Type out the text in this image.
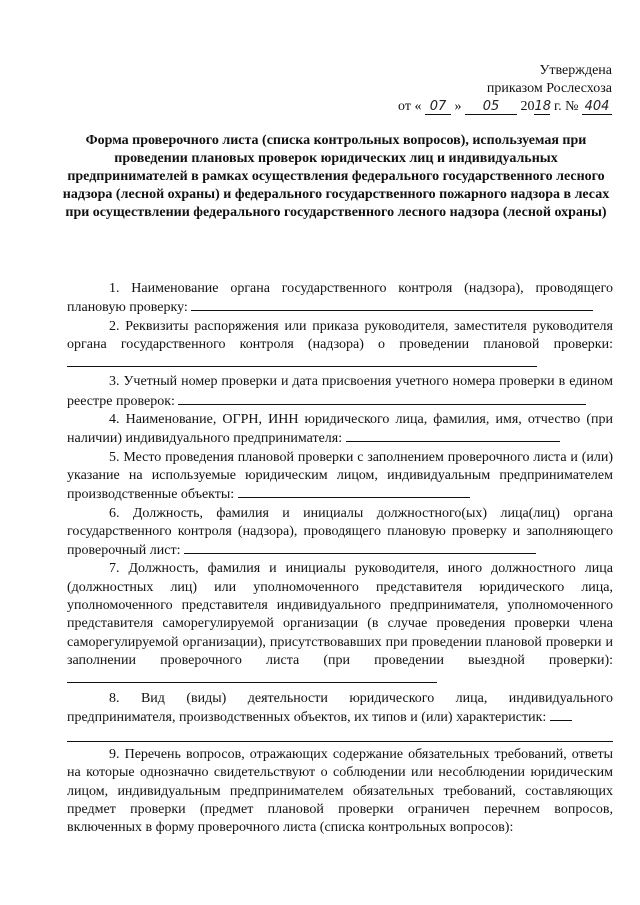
Утверждена
приказом Рослесхоза
от « 07 » 05 2018 г. № 404
Форма проверочного листа (списка контрольных вопросов), используемая при проведении плановых проверок юридических лиц и индивидуальных предпринимателей в рамках осуществления федерального государственного лесного надзора (лесной охраны) и федерального государственного пожарного надзора в лесах при осуществлении федерального государственного лесного надзора (лесной охраны)

1. Наименование органа государственного контроля (надзора), проводящего плановую проверку:

2. Реквизиты распоряжения или приказа руководителя, заместителя руководителя органа государственного контроля (надзора) о проведении плановой проверки:

3. Учетный номер проверки и дата присвоения учетного номера проверки в едином реестре проверок:

4. Наименование, ОГРН, ИНН юридического лица, фамилия, имя, отчество (при наличии) индивидуального предпринимателя:

5. Место проведения плановой проверки с заполнением проверочного листа и (или) указание на используемые юридическим лицом, индивидуальным предпринимателем производственные объекты:

6. Должность, фамилия и инициалы должностного(ых) лица(лиц) органа государственного контроля (надзора), проводящего плановую проверку и заполняющего проверочный лист:

7. Должность, фамилия и инициалы руководителя, иного должностного лица (должностных лиц) или уполномоченного представителя юридического лица, уполномоченного представителя индивидуального предпринимателя, уполномоченного представителя саморегулируемой организации (в случае проведения проверки члена саморегулируемой организации), присутствовавших при проведении плановой проверки и заполнении проверочного листа (при проведении выездной проверки):

8. Вид (виды) деятельности юридического лица, индивидуального предпринимателя, производственных объектов, их типов и (или) характеристик:

9. Перечень вопросов, отражающих содержание обязательных требований, ответы на которые однозначно свидетельствуют о соблюдении или несоблюдении юридическим лицом, индивидуальным предпринимателем обязательных требований, составляющих предмет проверки (предмет плановой проверки ограничен перечнем вопросов, включенных в форму проверочного листа (списка контрольных вопросов):
